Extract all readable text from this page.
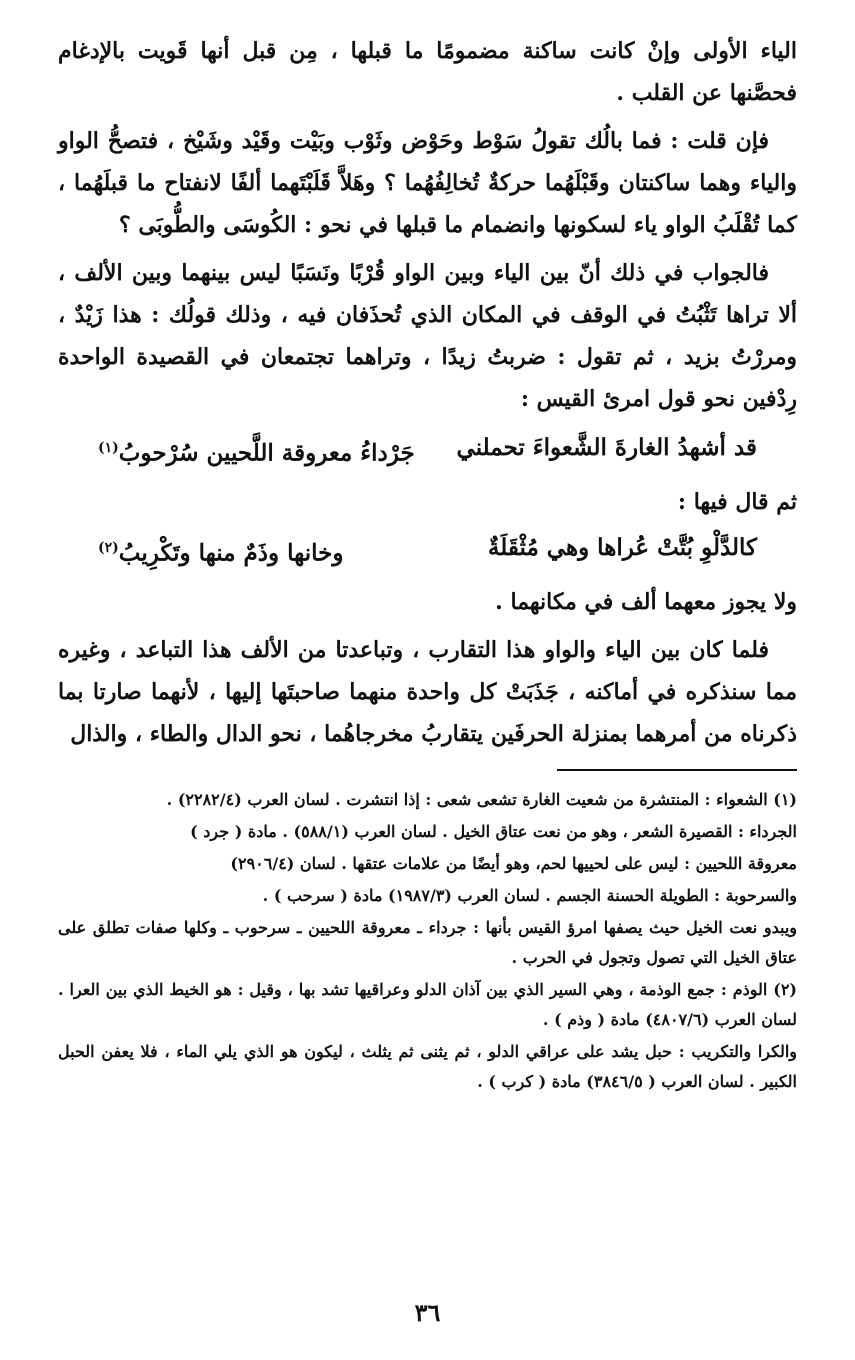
الياء الأولى وإنْ كانت ساكنة مضمومًا ما قبلها ، مِن قبل أنها قَويت بالإدغام فحصَّنها عن القلب .

فإن قلت : فما بالُك تقولُ سَوْط وحَوْض وثَوْب وبَيْت وقَيْد وشَيْخ ، فتصحُّ الواو والياء وهما ساكنتان وقَبْلَهُما حركةٌ تُخالِفُهُما ؟ وهَلاَّ قَلَبْتَهما ألفًا لانفتاح ما قبلَهُما ، كما تُقْلَبُ الواو ياء لسكونها وانضمام ما قبلها في نحو : الكُوسَى والطُّوبَى ؟

فالجواب في ذلك أنّ بين الياء وبين الواو قُرْبًا ونَسَبًا ليس بينهما وبين الألف ، ألا تراها تَثْبُتُ في الوقف في المكان الذي تُحذَفان فيه ، وذلك قولُك : هذا زَيْدٌ ، ومررْتُ بزيد ، ثم تقول : ضربتُ زيدًا ، وتراهما تجتمعان في القصيدة الواحدة رِدْفين نحو قول امرئ القيس :

قد أشهدُ الغارةَ الشَّعواءَ تحملني
جَرْداءُ معروقة اللَّحيين سُرْحوبُ$^{(١)}$

ثم قال فيها :

كالدَّلْوِ بُتَّتْ عُراها وهي مُثْقَلَةٌ
وخانها وذَمٌ منها وتَكْرِيبُ$^{(٢)}$

ولا يجوز معهما ألف في مكانهما .

فلما كان بين الياء والواو هذا التقارب ، وتباعدتا من الألف هذا التباعد ، وغيره مما سنذكره في أماكنه ، جَذَبَتْ كل واحدة منهما صاحبتَها إليها ، لأنهما صارتا بما ذكرناه من أمرهما بمنزلة الحرفَين يتقاربُ مخرجاهُما ، نحو الدال والطاء ، والذال

(١) الشعواء : المنتشرة من شعيت الغارة تشعى شعى : إذا انتشرت . لسان العرب (٢٢٨٢/٤) .

الجرداء : القصيرة الشعر ، وهو من نعت عتاق الخيل . لسان العرب (٥٨٨/١) . مادة ( جرد )

معروقة اللحيين : ليس على لحييها لحم، وهو أيضًا من علامات عتقها . لسان (٢٩٠٦/٤)

والسرحوبة : الطويلة الحسنة الجسم . لسان العرب (١٩٨٧/٣) مادة ( سرحب ) .

ويبدو نعت الخيل حيث يصفها امرؤ القيس بأنها : جرداء ـ معروقة اللحيين ـ سرحوب ـ وكلها صفات تطلق على عتاق الخيل التي تصول وتجول في الحرب .

(٢) الوذم : جمع الوذمة ، وهي السير الذي بين آذان الدلو وعراقيها تشد بها ، وقيل : هو الخيط الذي بين العرا . لسان العرب (٤٨٠٧/٦) مادة ( وذم ) .

والكرا والتكريب : حبل يشد على عراقي الدلو ، ثم يثنى ثم يثلث ، ليكون هو الذي يلي الماء ، فلا يعفن الحبل الكبير . لسان العرب ( ٣٨٤٦/٥) مادة ( كرب ) .

٣٦
